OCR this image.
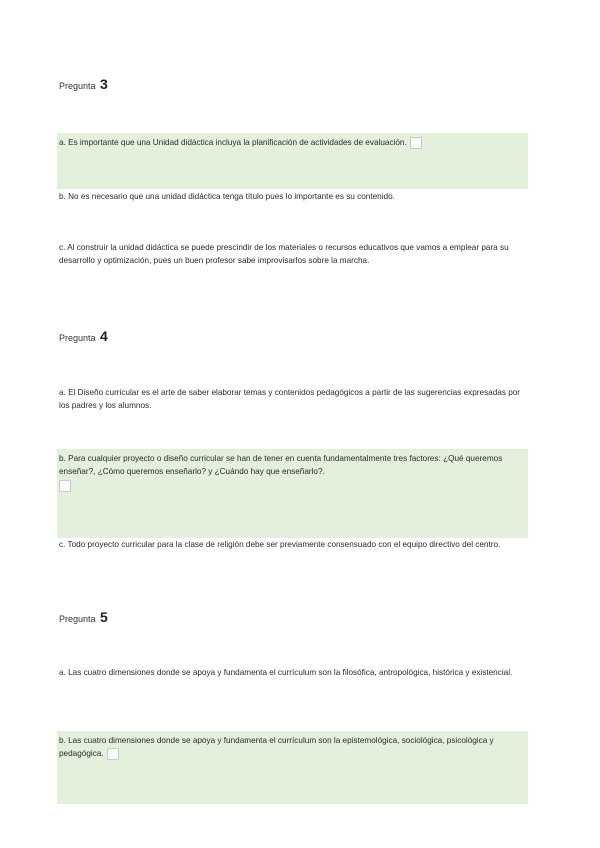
Pregunta 3
a. Es importante que una Unidad didáctica incluya la planificación de actividades de evaluación.
b. No es necesario que una unidad didáctica tenga título pues lo importante es su contenido.
c. Al construir la unidad didáctica se puede prescindir de los materiales o recursos educativos que vamos a emplear para su desarrollo y optimización, pues un buen profesor sabe improvisarlos sobre la marcha.
Pregunta 4
a. El Diseño curricular es el arte de saber elaborar temas y contenidos pedagógicos a partir de las sugerencias expresadas por los padres y los alumnos.
b. Para cualquier proyecto o diseño curricular se han de tener en cuenta fundamentalmente tres factores: ¿Qué queremos enseñar?, ¿Cómo queremos enseñarlo? y ¿Cuándo hay que enseñarlo?.

c. Todo proyecto curricular para la clase de religión debe ser previamente consensuado con el equipo directivo del centro.
Pregunta 5
a. Las cuatro dimensiones donde se apoya y fundamenta el currículum son la filosófica, antropológica, histórica y existencial.
b. Las cuatro dimensiones donde se apoya y fundamenta el currículum son la epistemológica, sociológica, psicológica y pedagógica.
